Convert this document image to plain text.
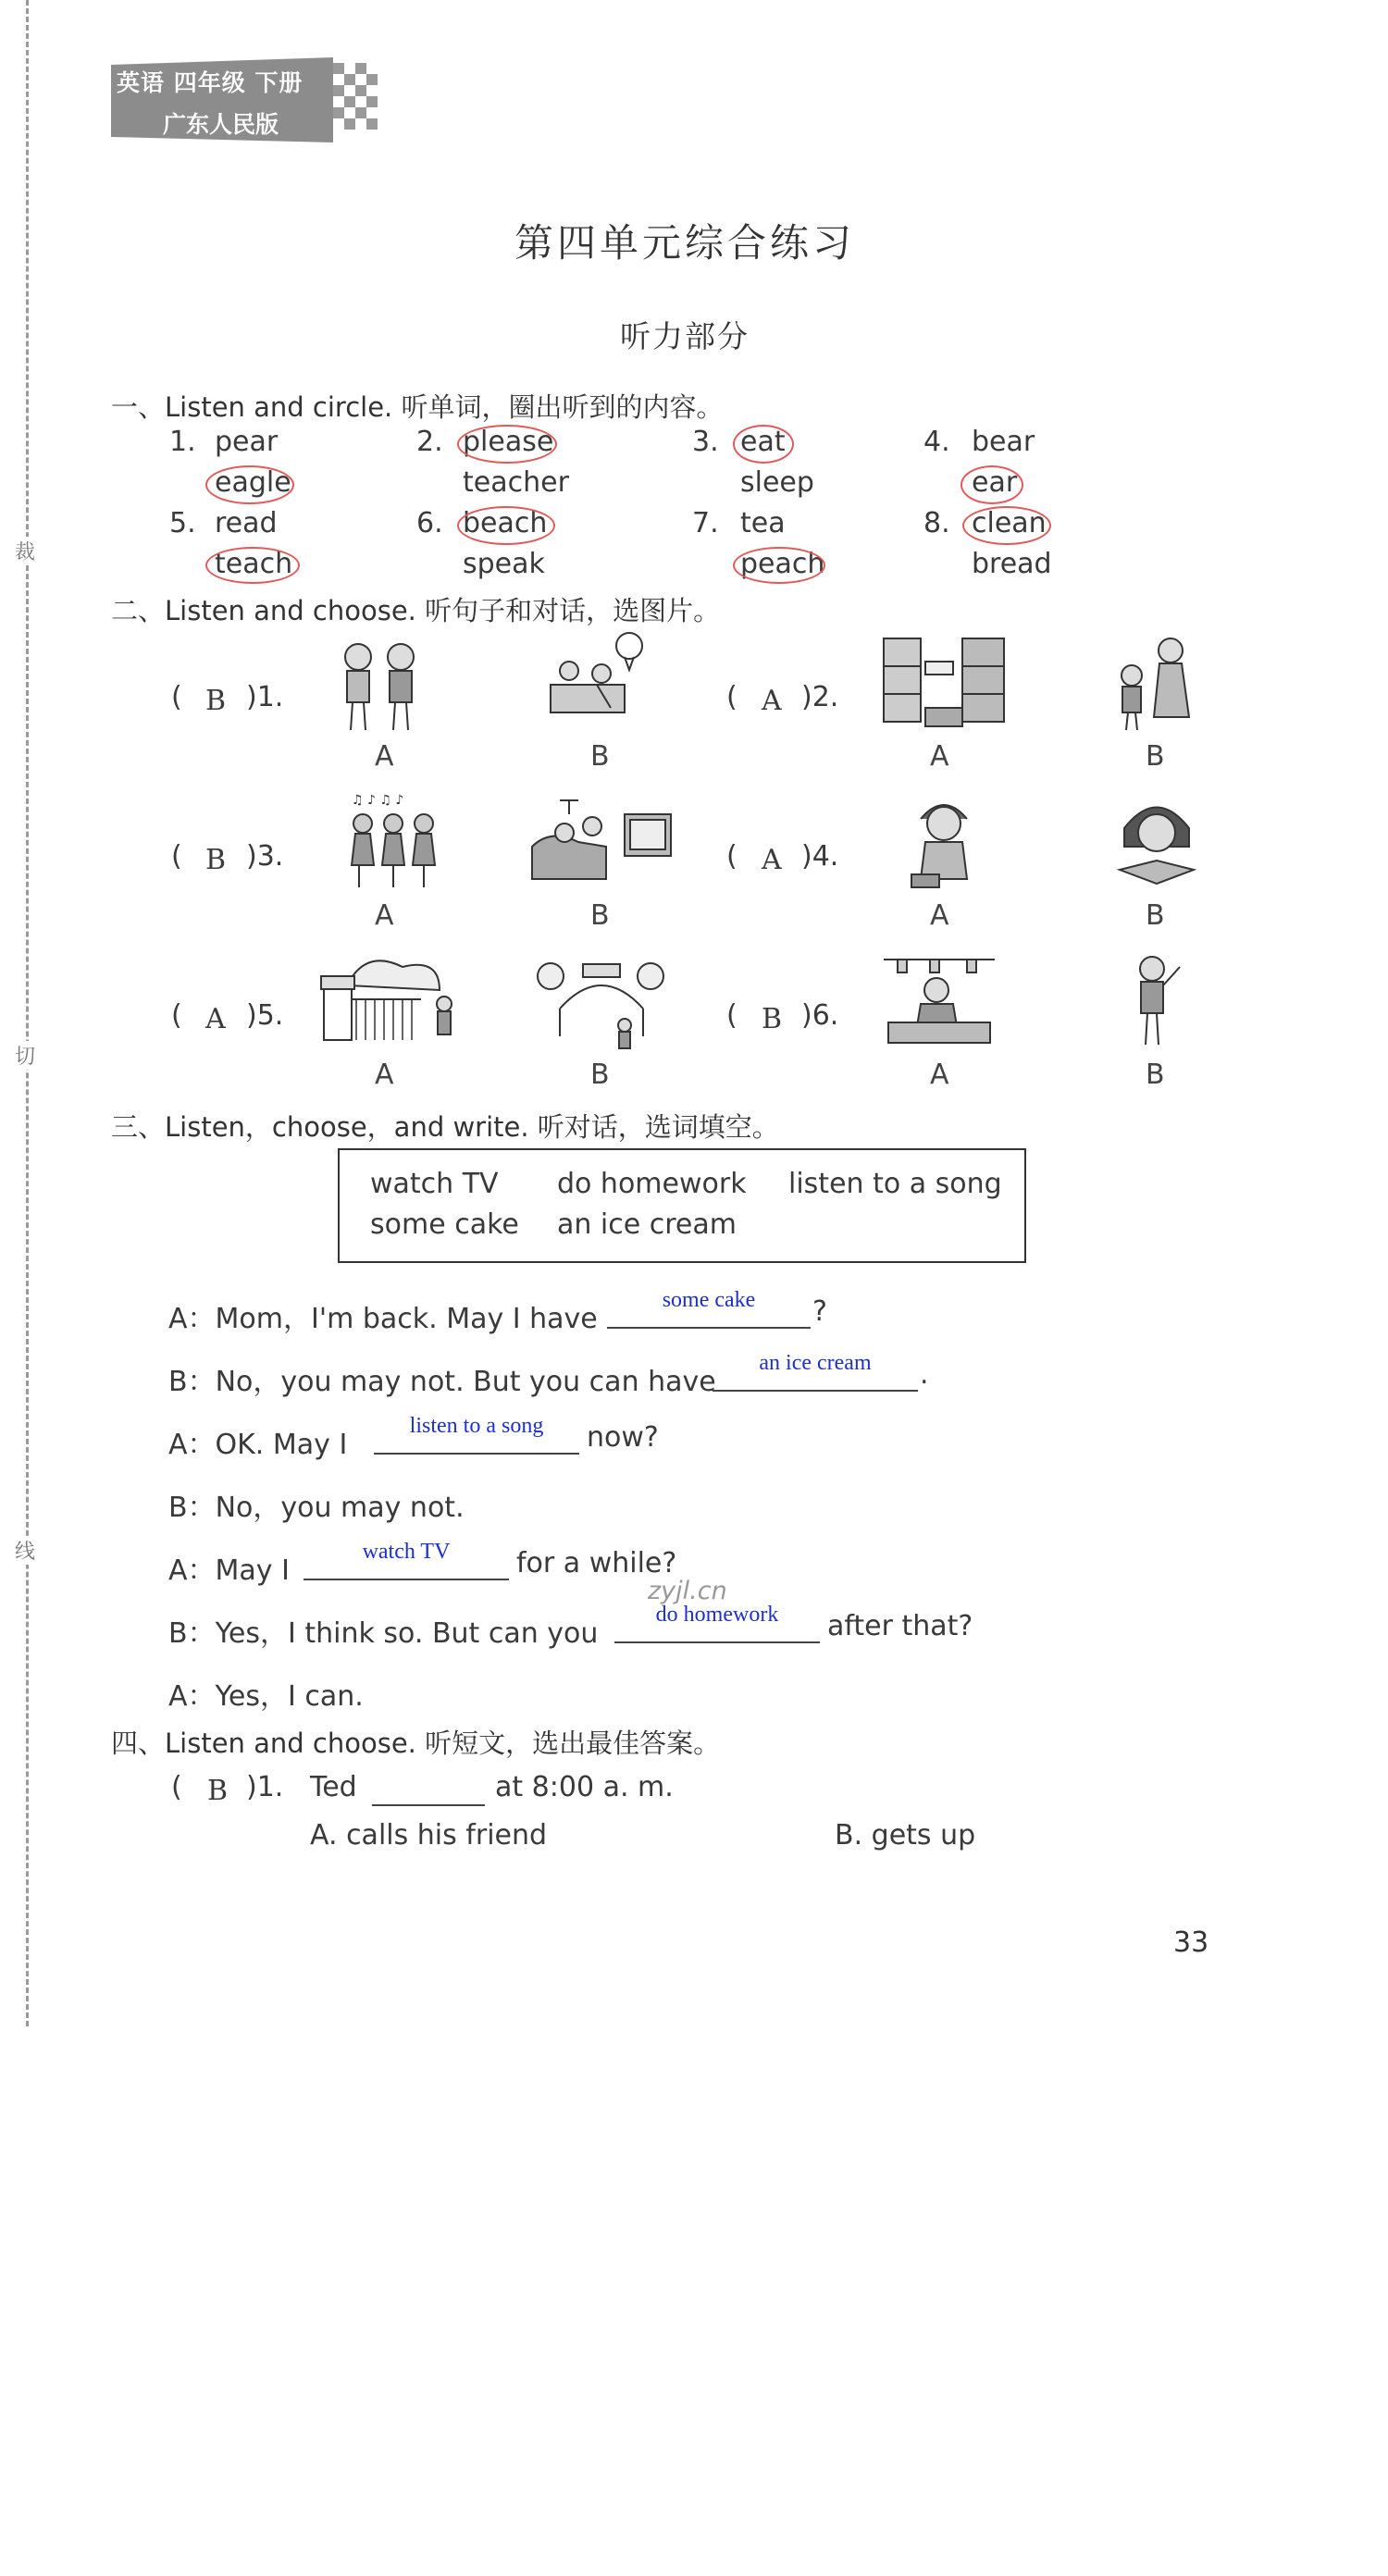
裁
切
线
英语 四年级 下册
广东人民版
第四单元综合练习
听力部分
一、Listen and circle. 听单词，圈出听到的内容。
1. pear
eagle
2. please
teacher
3. eat
sleep
4. bear
ear
5. read
teach
6. beach
speak
7. tea
peach
8. clean
bread
二、Listen and choose. 听句子和对话，选图片。
( B )1.
A	B
( A )2.
A	B
( B )3.
♫ ♪ ♫ ♪
A	B
( A )4.
A	B
( A )5.
A	B
( B )6.
A	B
三、Listen，choose，and write. 听对话，选词填空。
watch TV do homework listen to a song
some cake an ice cream
A：Mom，I'm back. May I have
some cake	?
B：No，you may not. But you can have
an ice cream	.
A：OK. May I
listen to a song	now?
B：No，you may not.
A：May I
watch TV	for a while?
zyjl.cn
B：Yes，I think so. But can you
do homework	after that?
A：Yes，I can.
四、Listen and choose. 听短文，选出最佳答案。
( B )1. Ted	at 8:00 a. m.
A. calls his friend	B. gets up
33
